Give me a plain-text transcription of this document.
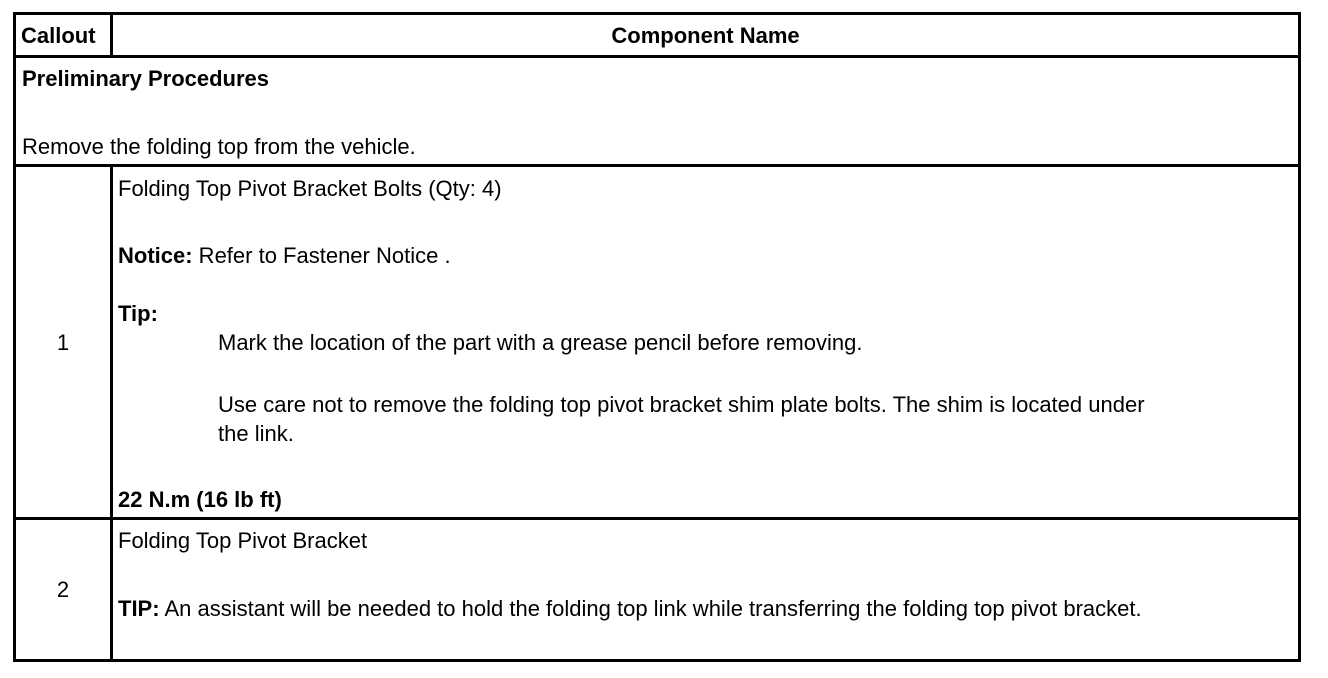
Callout	Component Name
Preliminary Procedures
Remove the folding top from the vehicle.
1
Folding Top Pivot Bracket Bolts (Qty: 4)
Notice: Refer to Fastener Notice .
Tip:
Mark the location of the part with a grease pencil before removing.
Use care not to remove the folding top pivot bracket shim plate bolts. The shim is located under
the link.
22 N.m (16 lb ft)
2
Folding Top Pivot Bracket
TIP: An assistant will be needed to hold the folding top link while transferring the folding top pivot bracket.
